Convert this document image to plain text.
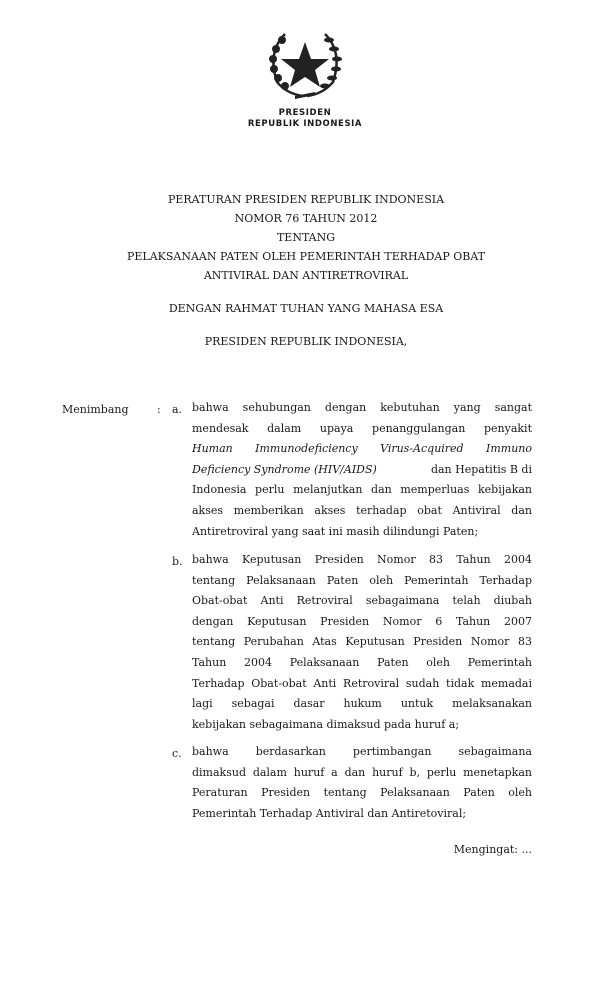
PRESIDEN
REPUBLIK INDONESIA
PERATURAN PRESIDEN REPUBLIK INDONESIA
NOMOR 76 TAHUN 2012
TENTANG
PELAKSANAAN PATEN OLEH PEMERINTAH TERHADAP OBAT
ANTIVIRAL DAN ANTIRETROVIRAL
DENGAN RAHMAT TUHAN YANG MAHASA ESA
PRESIDEN REPUBLIK INDONESIA,
Menimbang	: a. bahwa sehubungan dengan kebutuhan yang sangat
mendesak dalam upaya penanggulangan penyakit
Human Immunodeficiency Virus-Acquired Immuno
Deficiency Syndrome (HIV/AIDS)	dan Hepatitis B di
Indonesia perlu melanjutkan dan memperluas kebijakan
akses memberikan akses terhadap obat Antiviral dan
Antiretroviral yang saat ini masih dilindungi Paten;
b. bahwa Keputusan Presiden Nomor 83 Tahun 2004
tentang Pelaksanaan Paten oleh Pemerintah Terhadap
Obat-obat Anti Retroviral sebagaimana telah diubah
dengan Keputusan Presiden Nomor 6 Tahun 2007
tentang Perubahan Atas Keputusan Presiden Nomor 83
Tahun 2004 Pelaksanaan Paten oleh Pemerintah
Terhadap Obat-obat Anti Retroviral sudah tidak memadai
lagi sebagai dasar hukum untuk melaksanakan
kebijakan sebagaimana dimaksud pada huruf a;
c. bahwa berdasarkan pertimbangan sebagaimana
dimaksud dalam huruf a dan huruf b, perlu menetapkan
Peraturan Presiden tentang Pelaksanaan Paten oleh
Pemerintah Terhadap Antiviral dan Antiretoviral;
Mengingat: ...
